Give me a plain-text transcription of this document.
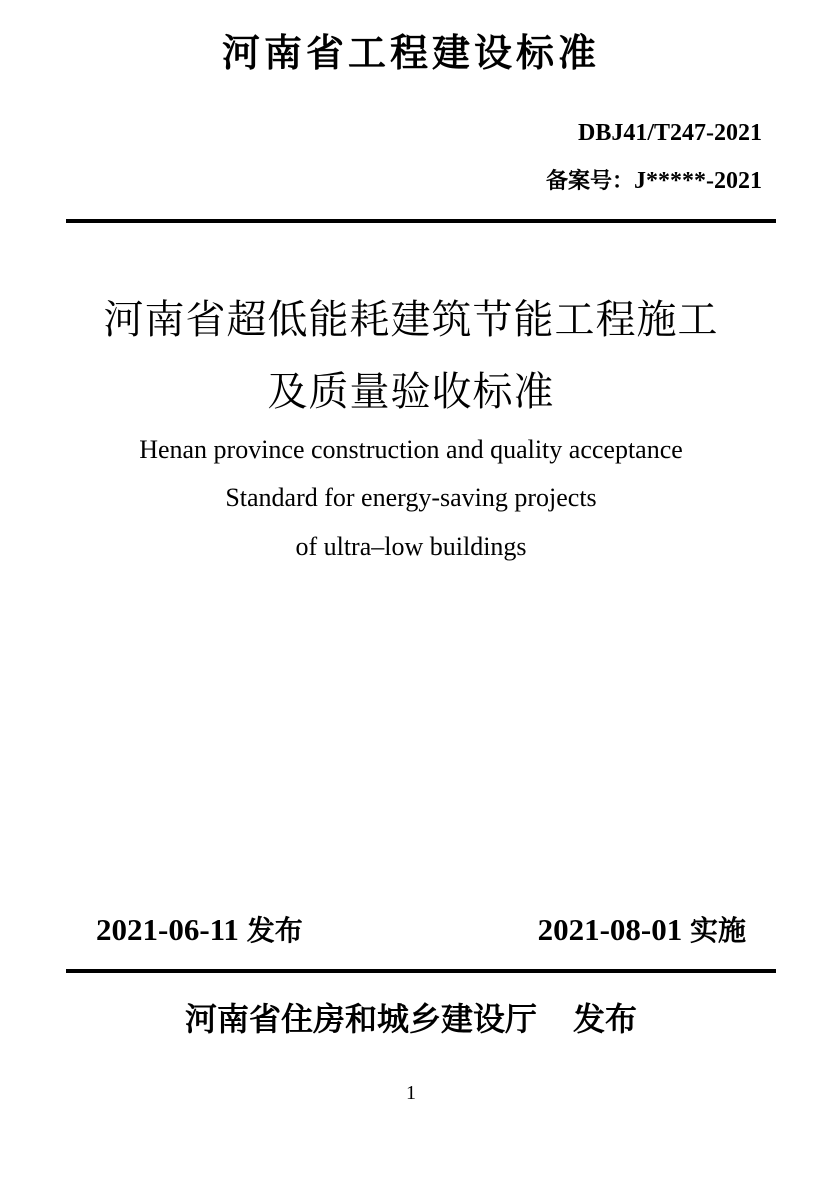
河南省工程建设标准
DBJ41/T247-2021
备案号：J*****-2021
河南省超低能耗建筑节能工程施工
及质量验收标准
Henan province construction and quality acceptance
Standard for energy-saving projects
of ultra–low buildings
2021-06-11 发布	2021-08-01 实施
河南省住房和城乡建设厅 发布
1
